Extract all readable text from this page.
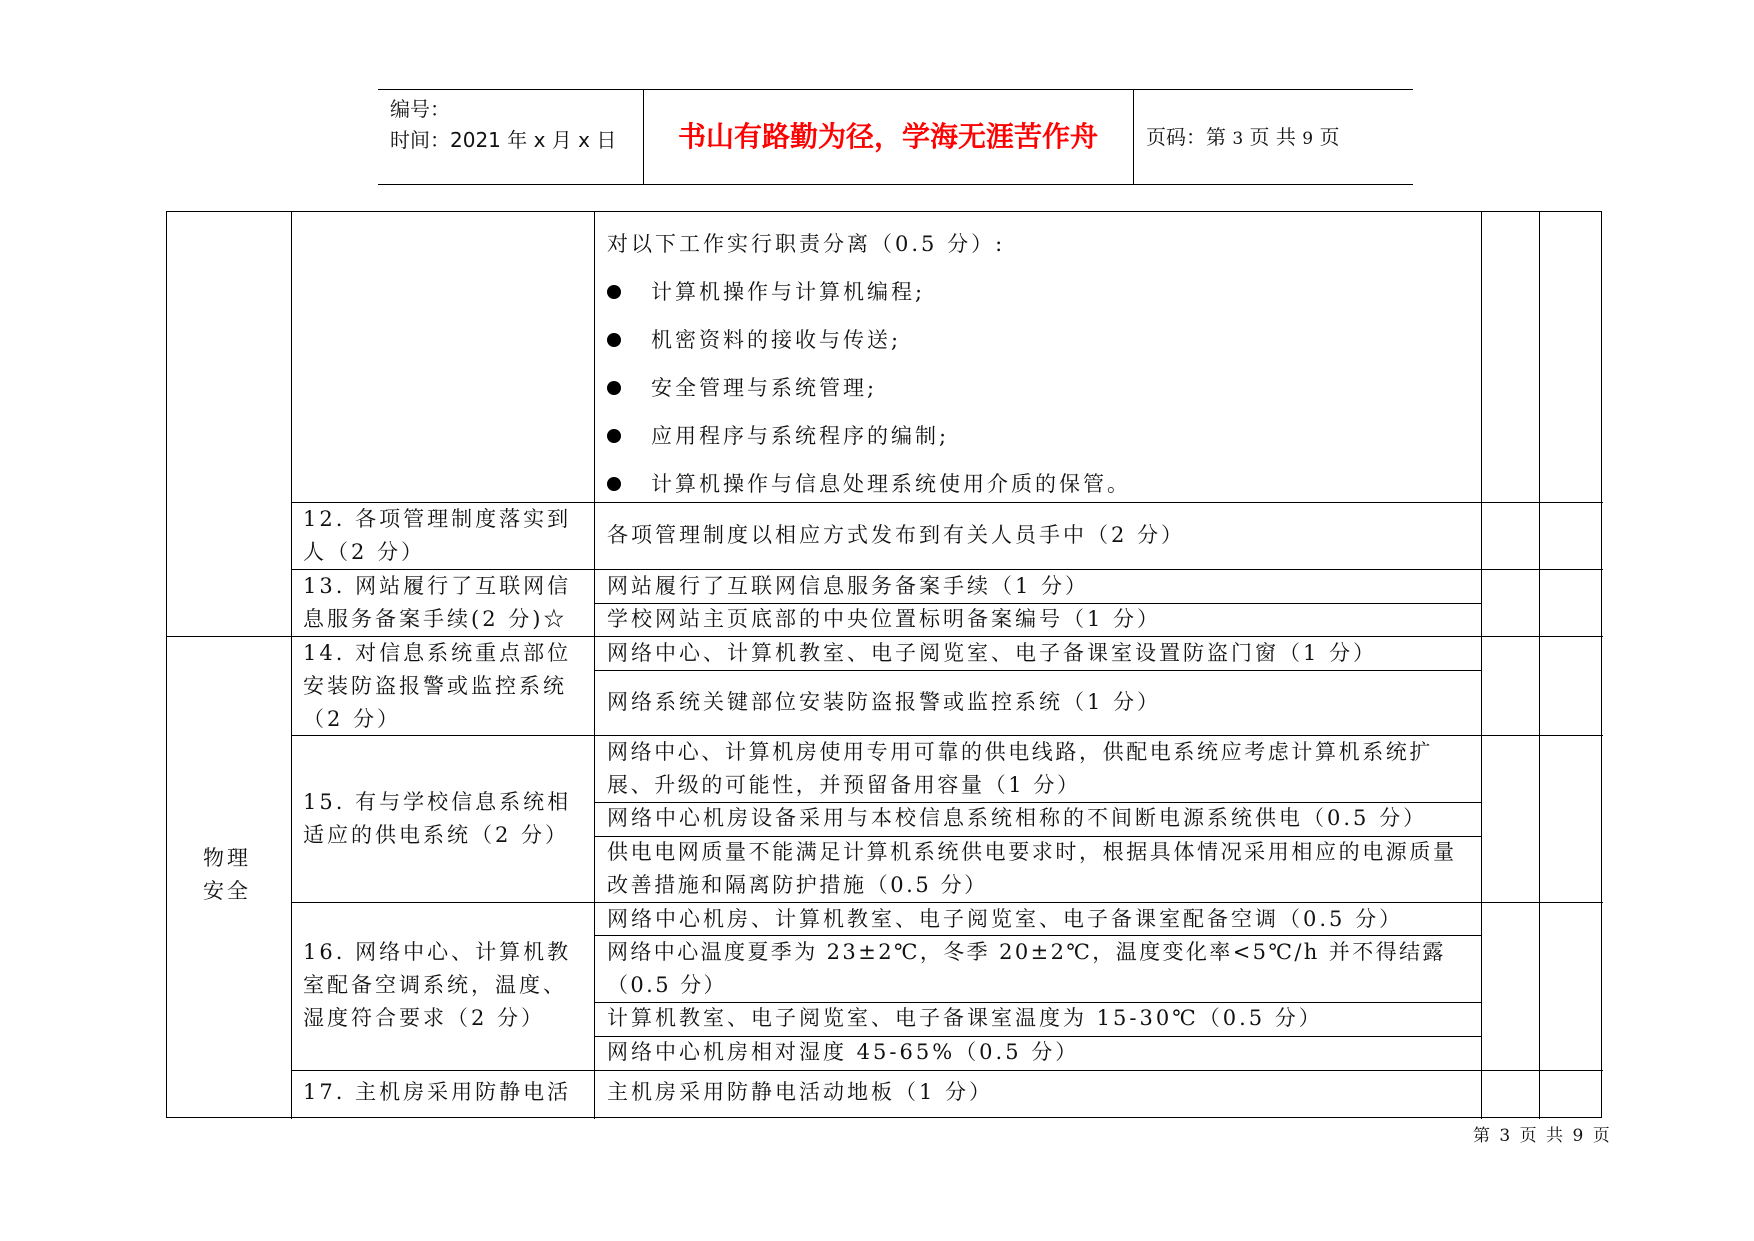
编号：
时间：2021 年 x 月 x 日	书山有路勤为径，学海无涯苦作舟	页码：第 3 页 共 9 页
对以下工作实行职责分离（0.5 分）:
计算机操作与计算机编程;
机密资料的接收与传送;
安全管理与系统管理;
应用程序与系统程序的编制;
计算机操作与信息处理系统使用介质的保管。
12. 各项管理制度落实到人（2 分）
各项管理制度以相应方式发布到有关人员手中（2 分）
13. 网站履行了互联网信息服务备案手续(2 分)☆
网站履行了互联网信息服务备案手续（1 分）
学校网站主页底部的中央位置标明备案编号（1 分）
物理安全
14. 对信息系统重点部位安装防盗报警或监控系统（2 分）
网络中心、计算机教室、电子阅览室、电子备课室设置防盗门窗（1 分）
网络系统关键部位安装防盗报警或监控系统（1 分）
15. 有与学校信息系统相适应的供电系统（2 分）
网络中心、计算机房使用专用可靠的供电线路，供配电系统应考虑计算机系统扩展、升级的可能性，并预留备用容量（1 分）
网络中心机房设备采用与本校信息系统相称的不间断电源系统供电（0.5 分）
供电电网质量不能满足计算机系统供电要求时，根据具体情况采用相应的电源质量改善措施和隔离防护措施（0.5 分）
16. 网络中心、计算机教室配备空调系统，温度、湿度符合要求（2 分）
网络中心机房、计算机教室、电子阅览室、电子备课室配备空调（0.5 分）
网络中心温度夏季为 23±2℃，冬季 20±2℃，温度变化率<5℃/h 并不得结露（0.5 分）
计算机教室、电子阅览室、电子备课室温度为 15-30℃（0.5 分）
网络中心机房相对湿度 45-65%（0.5 分）
17. 主机房采用防静电活 主机房采用防静电活动地板（1 分）
第 3 页 共 9 页
